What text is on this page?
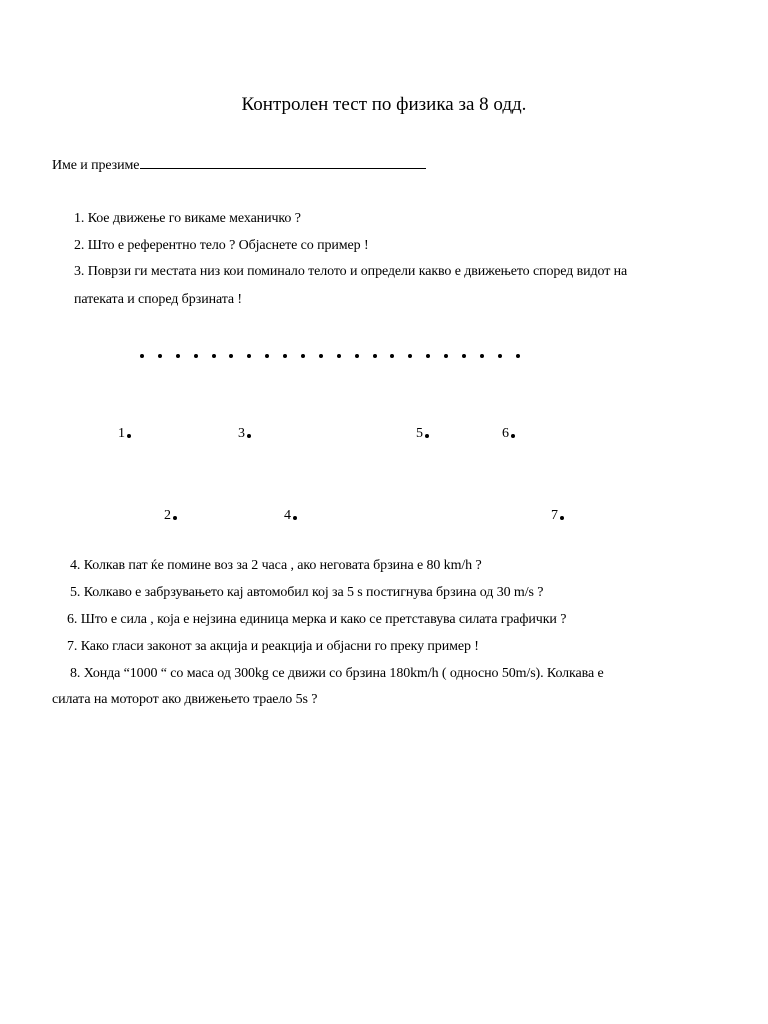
Контролен тест по физика за 8 одд.
Име и презиме
1. Кое движење го викаме механичко ?
2. Што е референтно тело ? Објаснете со пример !
3. Поврзи ги местата низ кои поминало телото и определи какво е движењето според видот на
патеката и според брзината !
1	3	5	6
2	4	7
4. Колкав пат ќе помине воз за 2 часа , ако неговата брзина е 80 km/h ?
5. Колкаво е забрзувањето кај автомобил кој за 5 s постигнува брзина од 30 m/s ?
6. Што е сила , која е нејзина единица мерка и како се претставува силата графички ?
7. Како гласи законот за акција и реакција и објасни го преку пример !
8. Хонда “1000 “ со маса од 300kg се движи со брзина 180km/h ( односно 50m/s). Колкава е
силата на моторот ако движењето траело 5s ?
